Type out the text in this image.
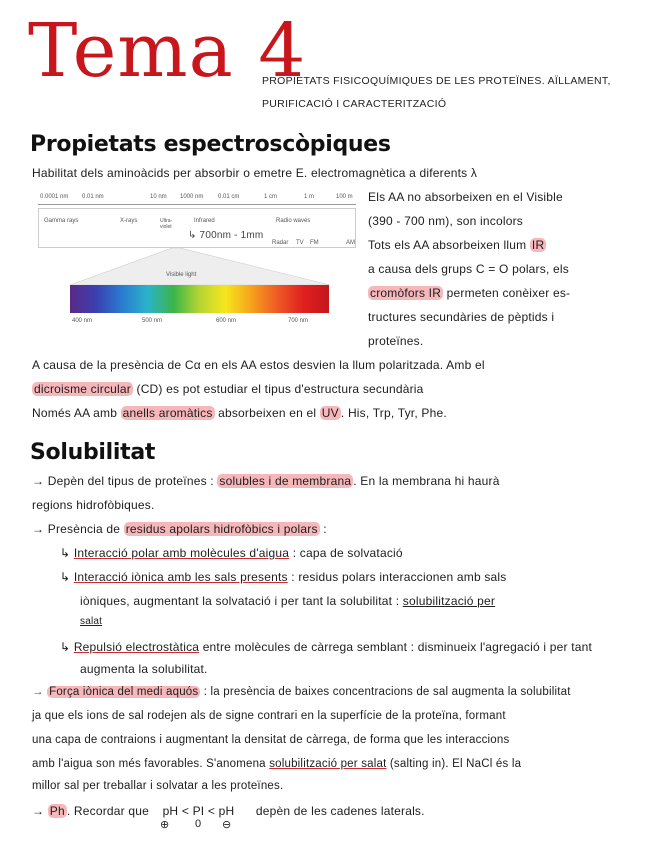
Tema 4
PROPIETATS FISICOQUÍMIQUES DE LES PROTEÏNES. AÏLLAMENT,
PURIFICACIÓ I CARACTERITZACIÓ
Propietats espectroscòpiques
Habilitat dels aminoàcids per absorbir o emetre E. electromagnètica a diferents λ
0.0001 nm 0.01 nm	10 nm 1000 nm 0.01 cm	1 cm	1 m	100 m
Gamma rays	X-rays	Ultra-violet
Infrared	Radio waves
↳ 700nm - 1mm
Radar TV FM	AM
Visible light
400 nm	500 nm	600 nm	700 nm
Els AA no absorbeixen en el Visible
(390 - 700 nm), son incolors
Tots els AA absorbeixen llum IR
a causa dels grups C = O polars, els
cromòfors IR permeten conèixer es-
tructures secundàries de pèptids i
proteïnes.
A causa de la presència de Cα en els AA estos desvien la llum polaritzada. Amb el
dicroisme circular (CD) es pot estudiar el tipus d'estructura secundària
Només AA amb anells aromàtics absorbeixen en el UV . His, Trp, Tyr, Phe.
Solubilitat
→ Depèn del tipus de proteïnes : solubles i de membrana . En la membrana hi haurà
regions hidrofòbiques.
→ Presència de residus apolars hidrofòbics i polars :
↳ Interacció polar amb molècules d'aigua : capa de solvatació
↳ Interacció iònica amb les sals presents : residus polars interaccionen amb sals
iòniques, augmentant la solvatació i per tant la solubilitat : solubilització per
salat
↳ Repulsió electrostàtica entre molècules de càrrega semblant : disminueix l'agregació i per tant
augmenta la solubilitat.
→ Força iònica del medi aquós : la presència de baixes concentracions de sal augmenta la solubilitat
ja que els ions de sal rodejen als de signe contrari en la superfície de la proteïna, formant
una capa de contraions i augmentant la densitat de càrrega, de forma que les interaccions
amb l'aigua son més favorables. S'anomena solubilització per salat (salting in). El NaCl és la
millor sal per treballar i solvatar a les proteïnes.
→ Ph . Recordar que pH < PI < pH depèn de les cadenes laterals.
⊕ 0 ⊖
